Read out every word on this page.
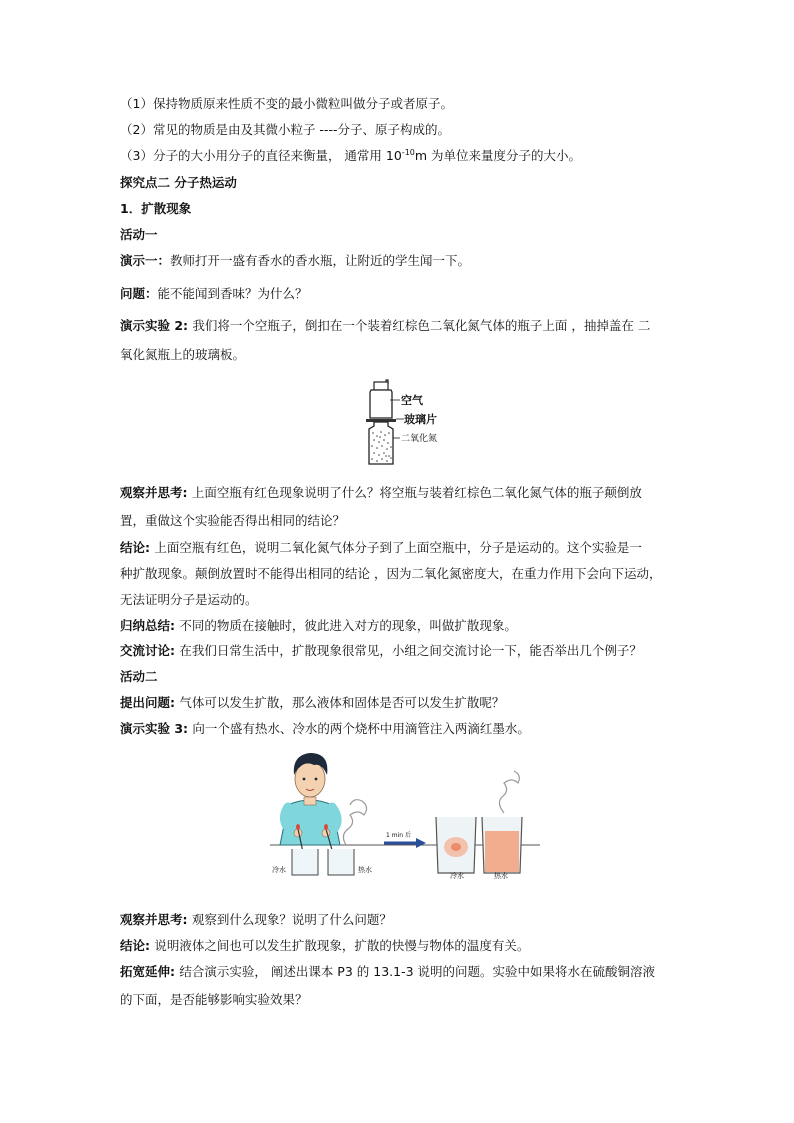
（1）保持物质原来性质不变的最小微粒叫做分子或者原子。
（2）常见的物质是由及其微小粒子 ----分子、原子构成的。
（3）分子的大小用分子的直径来衡量， 通常用 $10^{-10}m$ 为单位来量度分子的大小。
探究点二 分子热运动
1．扩散现象
活动一
演示一：教师打开一盛有香水的香水瓶，让附近的学生闻一下。
问题：能不能闻到香味？为什么？
演示实验 2: 我们将一个空瓶子，倒扣在一个装着红棕色二氧化氮气体的瓶子上面 ，抽掉盖在 二
氧化氮瓶上的玻璃板。
空气
玻璃片
二氧化氮
观察并思考: 上面空瓶有红色现象说明了什么？将空瓶与装着红棕色二氧化氮气体的瓶子颠倒放
置，重做这个实验能否得出相同的结论？
结论: 上面空瓶有红色，说明二氧化氮气体分子到了上面空瓶中，分子是运动的。这个实验是一
种扩散现象。颠倒放置时不能得出相同的结论 ，因为二氧化氮密度大，在重力作用下会向下运动，
无法证明分子是运动的。
归纳总结: 不同的物质在接触时，彼此进入对方的现象，叫做扩散现象。
交流讨论: 在我们日常生活中，扩散现象很常见，小组之间交流讨论一下，能否举出几个例子？
活动二
提出问题: 气体可以发生扩散，那么液体和固体是否可以发生扩散呢？
演示实验 3: 向一个盛有热水、冷水的两个烧杯中用滴管注入两滴红墨水。
冷水	热水
1 min 后
冷水	热水
观察并思考: 观察到什么现象？说明了什么问题？
结论: 说明液体之间也可以发生扩散现象，扩散的快慢与物体的温度有关。
拓宽延伸: 结合演示实验， 阐述出课本 P3 的 13.1-3 说明的问题。实验中如果将水在硫酸铜溶液
的下面，是否能够影响实验效果？
